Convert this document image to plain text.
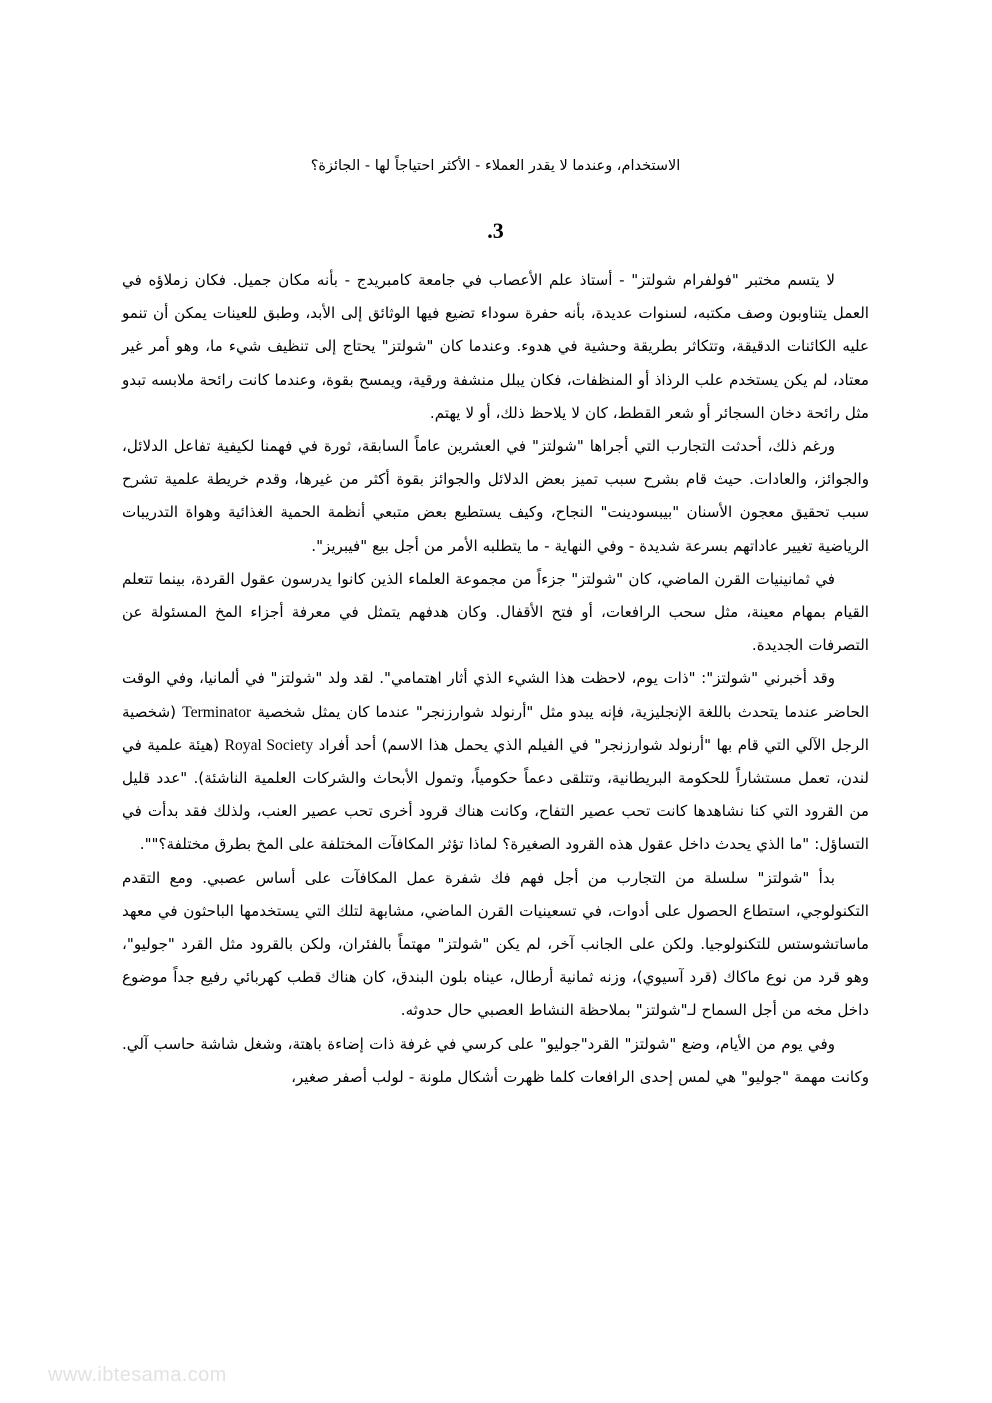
الاستخدام، وعندما لا يقدر العملاء - الأكثر احتياجاً لها - الجائزة؟
.3

لا يتسم مختبر "فولفرام شولتز" - أستاذ علم الأعصاب في جامعة كامبريدج - بأنه مكان جميل. فكان زملاؤه في العمل يتناوبون وصف مكتبه، لسنوات عديدة، بأنه حفرة سوداء تضيع فيها الوثائق إلى الأبد، وطبق للعينات يمكن أن تنمو عليه الكائنات الدقيقة، وتتكاثر بطريقة وحشية في هدوء. وعندما كان "شولتز" يحتاج إلى تنظيف شيء ما، وهو أمر غير معتاد، لم يكن يستخدم علب الرذاذ أو المنظفات، فكان يبلل منشفة ورقية، ويمسح بقوة، وعندما كانت رائحة ملابسه تبدو مثل رائحة دخان السجائر أو شعر القطط، كان لا يلاحظ ذلك، أو لا يهتم.

ورغم ذلك، أحدثت التجارب التي أجراها "شولتز" في العشرين عاماً السابقة، ثورة في فهمنا لكيفية تفاعل الدلائل، والجوائز، والعادات. حيث قام بشرح سبب تميز بعض الدلائل والجوائز بقوة أكثر من غيرها، وقدم خريطة علمية تشرح سبب تحقيق معجون الأسنان "بيبسودينت" النجاح، وكيف يستطيع بعض متبعي أنظمة الحمية الغذائية وهواة التدريبات الرياضية تغيير عاداتهم بسرعة شديدة - وفي النهاية - ما يتطلبه الأمر من أجل بيع "فيبريز".

في ثمانينيات القرن الماضي، كان "شولتز" جزءاً من مجموعة العلماء الذين كانوا يدرسون عقول القردة، بينما تتعلم القيام بمهام معينة، مثل سحب الرافعات، أو فتح الأقفال. وكان هدفهم يتمثل في معرفة أجزاء المخ المسئولة عن التصرفات الجديدة.

وقد أخبرني "شولتز": "ذات يوم، لاحظت هذا الشيء الذي أثار اهتمامي". لقد ولد "شولتز" في ألمانيا، وفي الوقت الحاضر عندما يتحدث باللغة الإنجليزية، فإنه يبدو مثل "أرنولد شوارزنجر" عندما كان يمثل شخصية Terminator (شخصية الرجل الآلي التي قام بها "أرنولد شوارزنجر" في الفيلم الذي يحمل هذا الاسم) أحد أفراد Royal Society (هيئة علمية في لندن، تعمل مستشاراً للحكومة البريطانية، وتتلقى دعماً حكومياً، وتمول الأبحاث والشركات العلمية الناشئة). "عدد قليل من القرود التي كنا نشاهدها كانت تحب عصير التفاح، وكانت هناك قرود أخرى تحب عصير العنب، ولذلك فقد بدأت في التساؤل: "ما الذي يحدث داخل عقول هذه القرود الصغيرة؟ لماذا تؤثر المكافآت المختلفة على المخ بطرق مختلفة؟"".

بدأ "شولتز" سلسلة من التجارب من أجل فهم فك شفرة عمل المكافآت على أساس عصبي. ومع التقدم التكنولوجي، استطاع الحصول على أدوات، في تسعينيات القرن الماضي، مشابهة لتلك التي يستخدمها الباحثون في معهد ماساتشوستس للتكنولوجيا. ولكن على الجانب آخر، لم يكن "شولتز" مهتماً بالفئران، ولكن بالقرود مثل القرد "جوليو"، وهو قرد من نوع ماكاك (قرد آسيوي)، وزنه ثمانية أرطال، عيناه بلون البندق، كان هناك قطب كهربائي رفيع جداً موضوع داخل مخه من أجل السماح لـ"شولتز" بملاحظة النشاط العصبي حال حدوثه.

وفي يوم من الأيام، وضع "شولتز" القرد"جوليو" على كرسي في غرفة ذات إضاءة باهتة، وشغل شاشة حاسب آلي. وكانت مهمة "جوليو" هي لمس إحدى الرافعات كلما ظهرت أشكال ملونة - لولب أصفر صغير،

www.ibtesama.com
